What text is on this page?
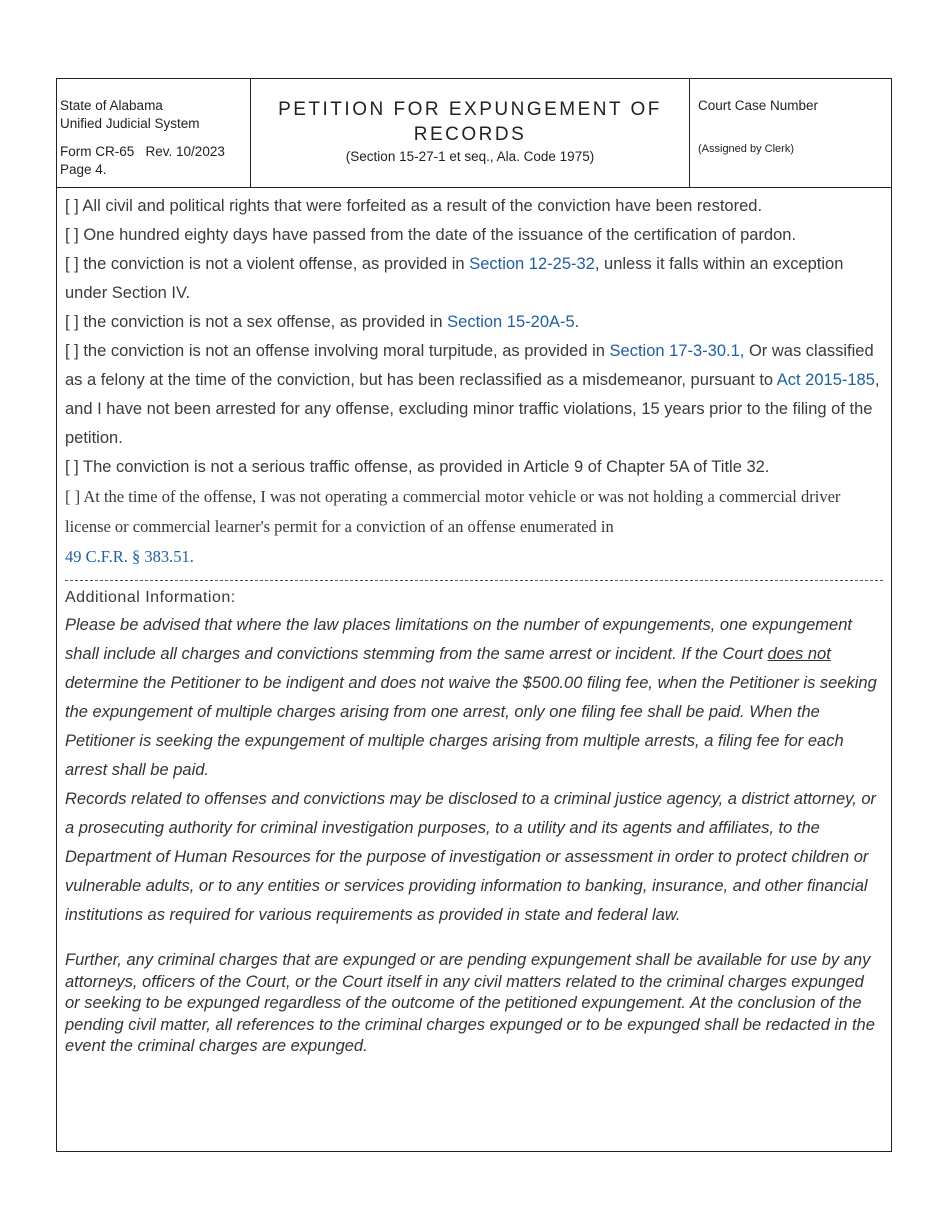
State of Alabama
Unified Judicial System
Form CR-65 Rev. 10/2023
Page 4.
PETITION FOR EXPUNGEMENT OF RECORDS
(Section 15-27-1 et seq., Ala. Code 1975)
Court Case Number
(Assigned by Clerk)
[ ] All civil and political rights that were forfeited as a result of the conviction have been restored.
[ ] One hundred eighty days have passed from the date of the issuance of the certification of pardon.
[ ] the conviction is not a violent offense, as provided in Section 12-25-32, unless it falls within an exception under Section IV.
[ ] the conviction is not a sex offense, as provided in Section 15-20A-5.
[ ] the conviction is not an offense involving moral turpitude, as provided in Section 17-3-30.1, Or was classified as a felony at the time of the conviction, but has been reclassified as a misdemeanor, pursuant to Act 2015-185, and I have not been arrested for any offense, excluding minor traffic violations, 15 years prior to the filing of the petition.
[ ] The conviction is not a serious traffic offense, as provided in Article 9 of Chapter 5A of Title 32.
[ ] At the time of the offense, I was not operating a commercial motor vehicle or was not holding a commercial driver license or commercial learner's permit for a conviction of an offense enumerated in
49 C.F.R. § 383.51.
Additional Information:
Please be advised that where the law places limitations on the number of expungements, one expungement shall include all charges and convictions stemming from the same arrest or incident. If the Court does not determine the Petitioner to be indigent and does not waive the $500.00 filing fee, when the Petitioner is seeking the expungement of multiple charges arising from one arrest, only one filing fee shall be paid. When the Petitioner is seeking the expungement of multiple charges arising from multiple arrests, a filing fee for each arrest shall be paid.
Records related to offenses and convictions may be disclosed to a criminal justice agency, a district attorney, or a prosecuting authority for criminal investigation purposes, to a utility and its agents and affiliates, to the Department of Human Resources for the purpose of investigation or assessment in order to protect children or vulnerable adults, or to any entities or services providing information to banking, insurance, and other financial institutions as required for various requirements as provided in state and federal law.
Further, any criminal charges that are expunged or are pending expungement shall be available for use by any attorneys, officers of the Court, or the Court itself in any civil matters related to the criminal charges expunged or seeking to be expunged regardless of the outcome of the petitioned expungement. At the conclusion of the pending civil matter, all references to the criminal charges expunged or to be expunged shall be redacted in the event the criminal charges are expunged.
